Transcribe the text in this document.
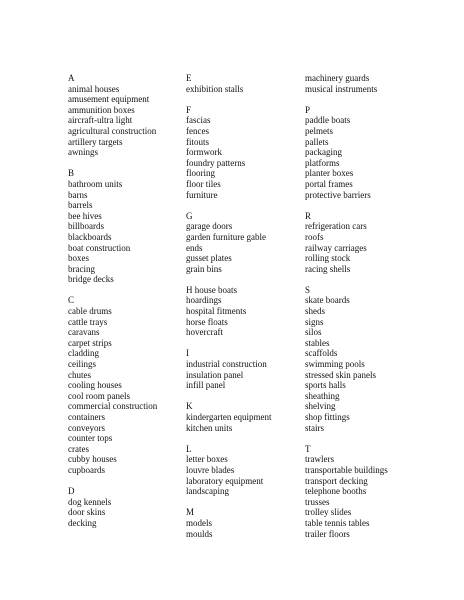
A
animal houses
amusement equipment
ammunition boxes
aircraft-ultra light
agricultural construction
artillery targets
awnings
B
bathroom units
barns
barrels
bee hives
billboards
blackboards
boat construction
boxes
bracing
bridge decks
C
cable drums
cattle trays
caravans
carpet strips
cladding
ceilings
chutes
cooling houses
cool room panels
commercial construction
containers
conveyors
counter tops
crates
cubby houses
cupboards
D
dog kennels
door skins
decking
E
exhibition stalls
F
fascias
fences
fitouts
formwork
foundry patterns
flooring
floor tiles
furniture
G
garage doors
garden furniture gable
ends
gusset plates
grain bins
H house boats
hoardings
hospital fitments
horse floats
hovercraft
I
industrial construction
insulation panel
infill panel
K
kindergarten equipment
kitchen units
L
letter boxes
louvre blades
laboratory equipment
landscaping
M
models
moulds
machinery guards
musical instruments
P
paddle boats
pelmets
pallets
packaging
platforms
planter boxes
portal frames
protective barriers
R
refrigeration cars
roofs
railway carriages
rolling stock
racing shells
S
skate boards
sheds
signs
silos
stables
scaffolds
swimming pools
stressed skin panels
sports halls
sheathing
shelving
shop fittings
stairs
T
trawlers
transportable buildings
transport decking
telephone booths
trusses
trolley slides
table tennis tables
trailer floors
